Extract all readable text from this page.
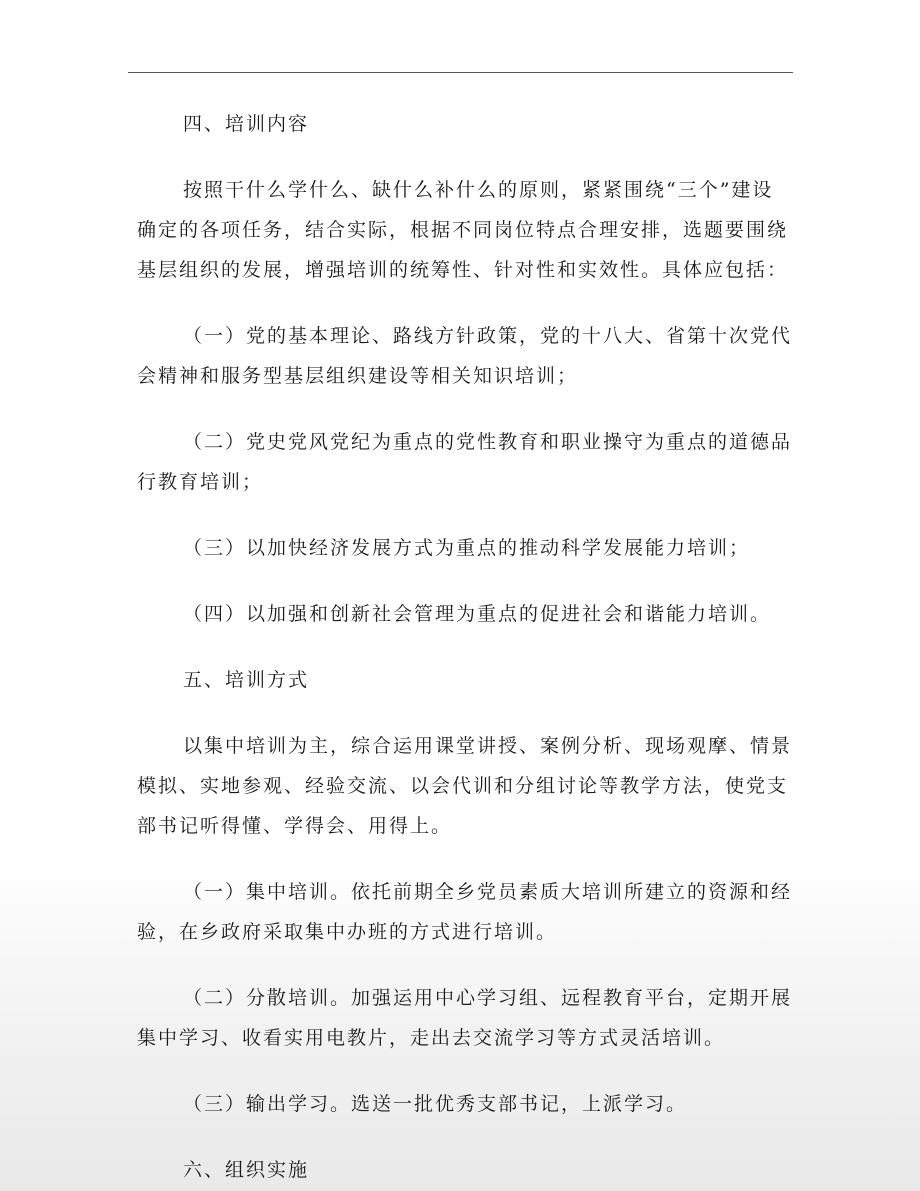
四、培训内容

按照干什么学什么、缺什么补什么的原则，紧紧围绕“三个”建设
确定的各项任务，结合实际，根据不同岗位特点合理安排，选题要围绕
基层组织的发展，增强培训的统筹性、针对性和实效性。具体应包括：

（一）党的基本理论、路线方针政策，党的十八大、省第十次党代
会精神和服务型基层组织建设等相关知识培训；

（二）党史党风党纪为重点的党性教育和职业操守为重点的道德品
行教育培训；

（三）以加快经济发展方式为重点的推动科学发展能力培训；

（四）以加强和创新社会管理为重点的促进社会和谐能力培训。

五、培训方式

以集中培训为主，综合运用课堂讲授、案例分析、现场观摩、情景
模拟、实地参观、经验交流、以会代训和分组讨论等教学方法，使党支
部书记听得懂、学得会、用得上。

（一）集中培训。依托前期全乡党员素质大培训所建立的资源和经
验，在乡政府采取集中办班的方式进行培训。

（二）分散培训。加强运用中心学习组、远程教育平台，定期开展
集中学习、收看实用电教片，走出去交流学习等方式灵活培训。

（三）输出学习。选送一批优秀支部书记，上派学习。

六、组织实施
